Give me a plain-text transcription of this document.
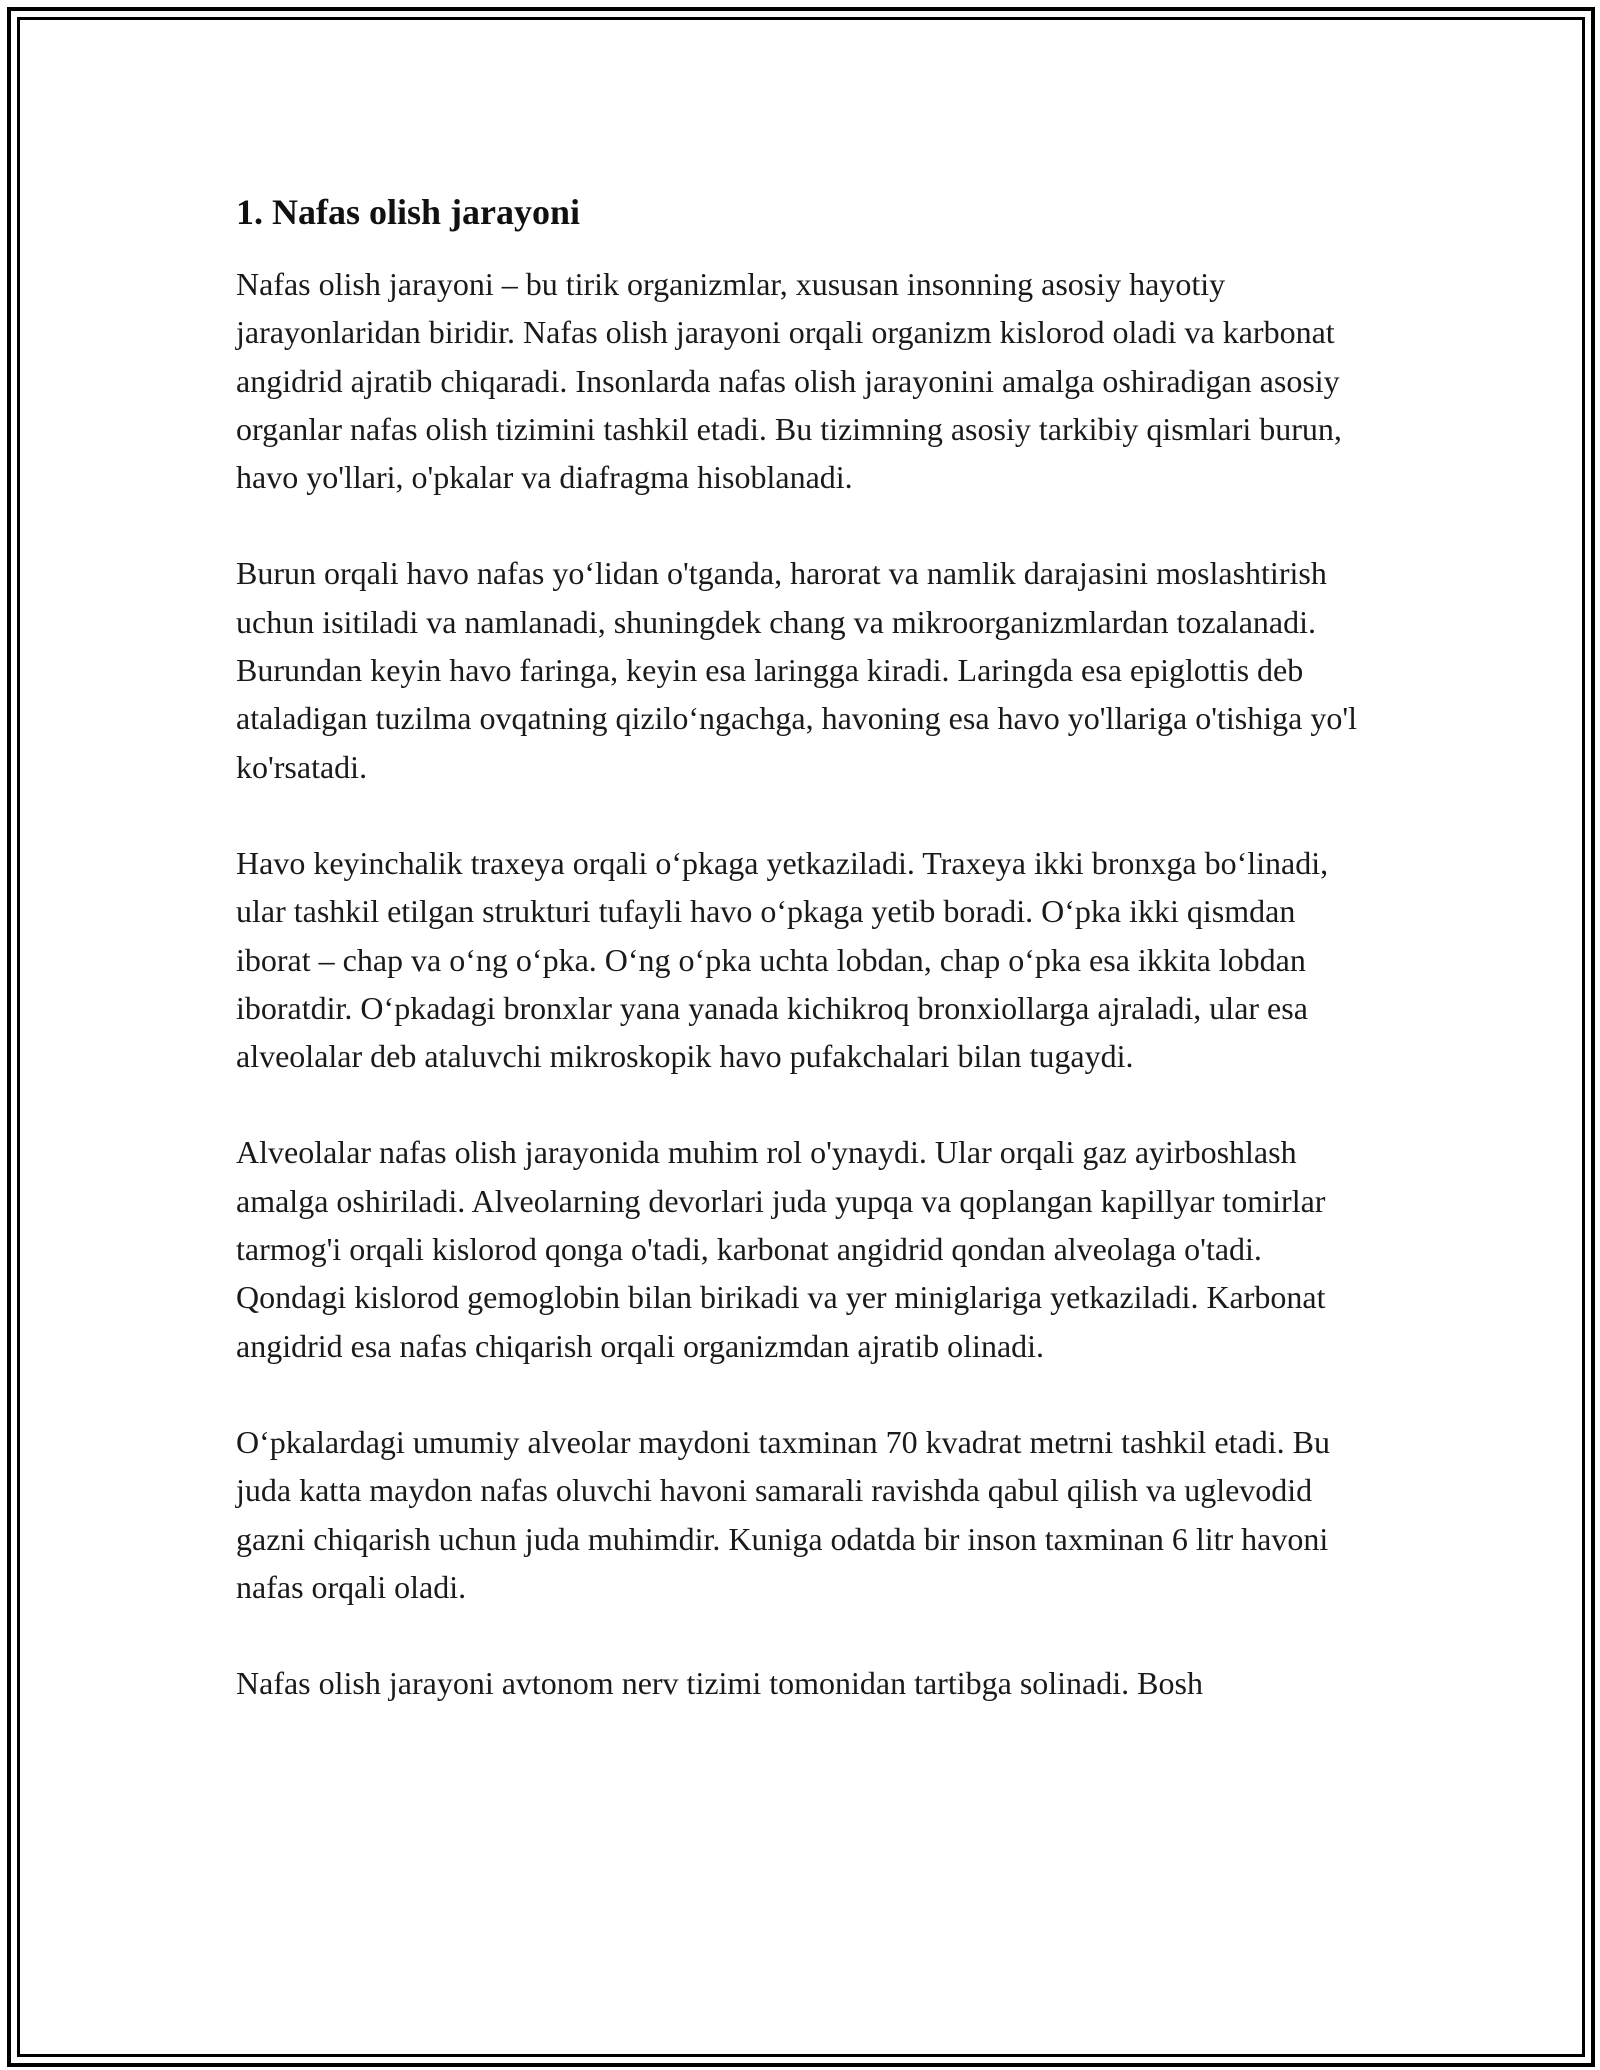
1. Nafas olish jarayoni

Nafas olish jarayoni – bu tirik organizmlar, xususan insonning asosiy hayotiy jarayonlaridan biridir. Nafas olish jarayoni orqali organizm kislorod oladi va karbonat angidrid ajratib chiqaradi. Insonlarda nafas olish jarayonini amalga oshiradigan asosiy organlar nafas olish tizimini tashkil etadi. Bu tizimning asosiy tarkibiy qismlari burun, havo yo'llari, o'pkalar va diafragma hisoblanadi.

Burun orqali havo nafas yo‘lidan o'tganda, harorat va namlik darajasini moslashtirish uchun isitiladi va namlanadi, shuningdek chang va mikroorganizmlardan tozalanadi. Burundan keyin havo faringa, keyin esa laringga kiradi. Laringda esa epiglottis deb ataladigan tuzilma ovqatning qizilo‘ngachga, havoning esa havo yo'llariga o'tishiga yo'l ko'rsatadi.

Havo keyinchalik traxeya orqali o‘pkaga yetkaziladi. Traxeya ikki bronxga bo‘linadi, ular tashkil etilgan strukturi tufayli havo o‘pkaga yetib boradi. O‘pka ikki qismdan iborat – chap va o‘ng o‘pka. O‘ng o‘pka uchta lobdan, chap o‘pka esa ikkita lobdan iboratdir. O‘pkadagi bronxlar yana yanada kichikroq bronxiollarga ajraladi, ular esa alveolalar deb ataluvchi mikroskopik havo pufakchalari bilan tugaydi.

Alveolalar nafas olish jarayonida muhim rol o'ynaydi. Ular orqali gaz ayirboshlash amalga oshiriladi. Alveolarning devorlari juda yupqa va qoplangan kapillyar tomirlar tarmog'i orqali kislorod qonga o'tadi, karbonat angidrid qondan alveolaga o'tadi. Qondagi kislorod gemoglobin bilan birikadi va yer miniglariga yetkaziladi. Karbonat angidrid esa nafas chiqarish orqali organizmdan ajratib olinadi.

O‘pkalardagi umumiy alveolar maydoni taxminan 70 kvadrat metrni tashkil etadi. Bu juda katta maydon nafas oluvchi havoni samarali ravishda qabul qilish va uglevodid gazni chiqarish uchun juda muhimdir. Kuniga odatda bir inson taxminan 6 litr havoni nafas orqali oladi.

Nafas olish jarayoni avtonom nerv tizimi tomonidan tartibga solinadi. Bosh
